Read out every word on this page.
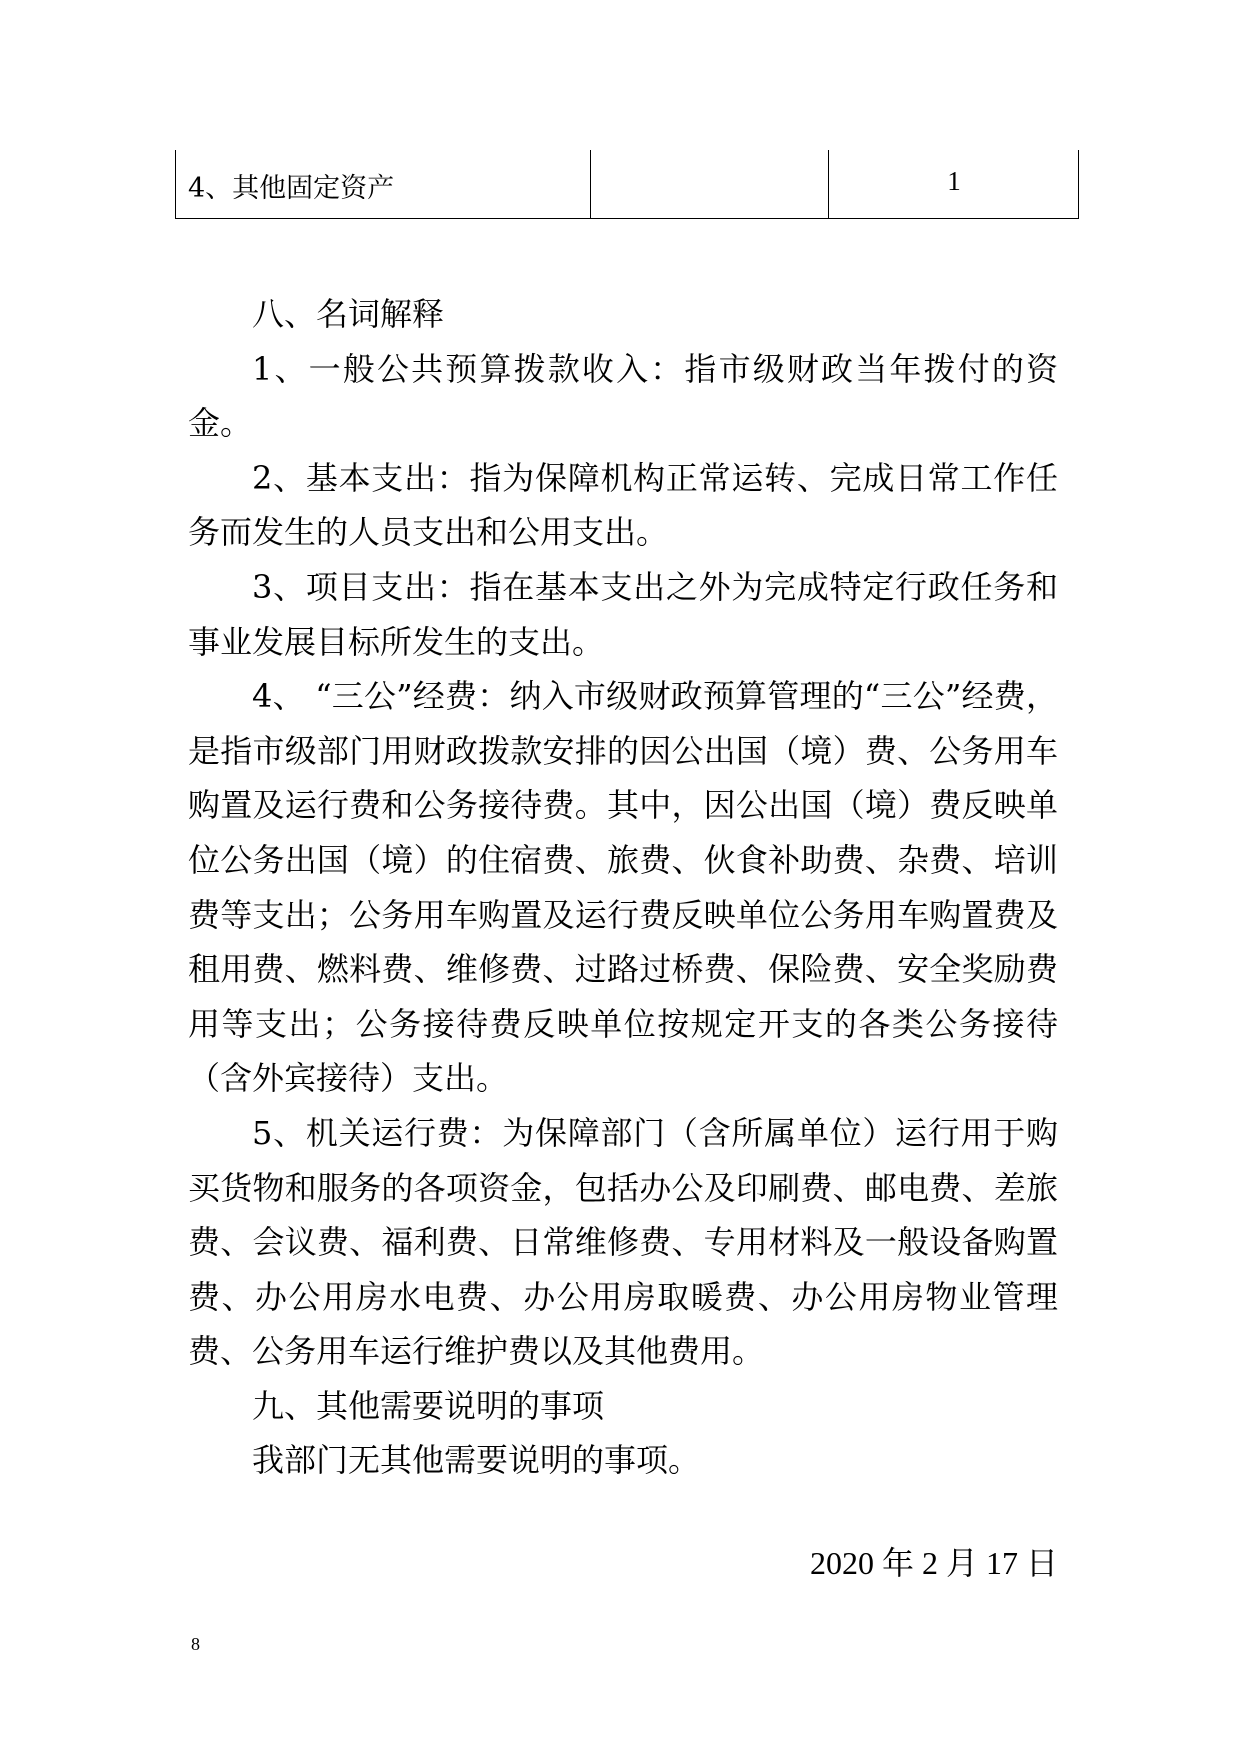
4、其他固定资产	1

八、名词解释

1、一般公共预算拨款收入：指市级财政当年拨付的资金。

2、基本支出：指为保障机构正常运转、完成日常工作任务而发生的人员支出和公用支出。

3、项目支出：指在基本支出之外为完成特定行政任务和事业发展目标所发生的支出。

4、 “三公”经费：纳入市级财政预算管理的“三公”经费，是指市级部门用财政拨款安排的因公出国（境）费、公务用车购置及运行费和公务接待费。其中，因公出国（境）费反映单位公务出国（境）的住宿费、旅费、伙食补助费、杂费、培训费等支出；公务用车购置及运行费反映单位公务用车购置费及租用费、燃料费、维修费、过路过桥费、保险费、安全奖励费用等支出；公务接待费反映单位按规定开支的各类公务接待（含外宾接待）支出。

5、机关运行费：为保障部门（含所属单位）运行用于购买货物和服务的各项资金，包括办公及印刷费、邮电费、差旅费、会议费、福利费、日常维修费、专用材料及一般设备购置费、办公用房水电费、办公用房取暖费、办公用房物业管理费、公务用车运行维护费以及其他费用。

九、其他需要说明的事项

我部门无其他需要说明的事项。

2020 年 2 月 17 日
8
